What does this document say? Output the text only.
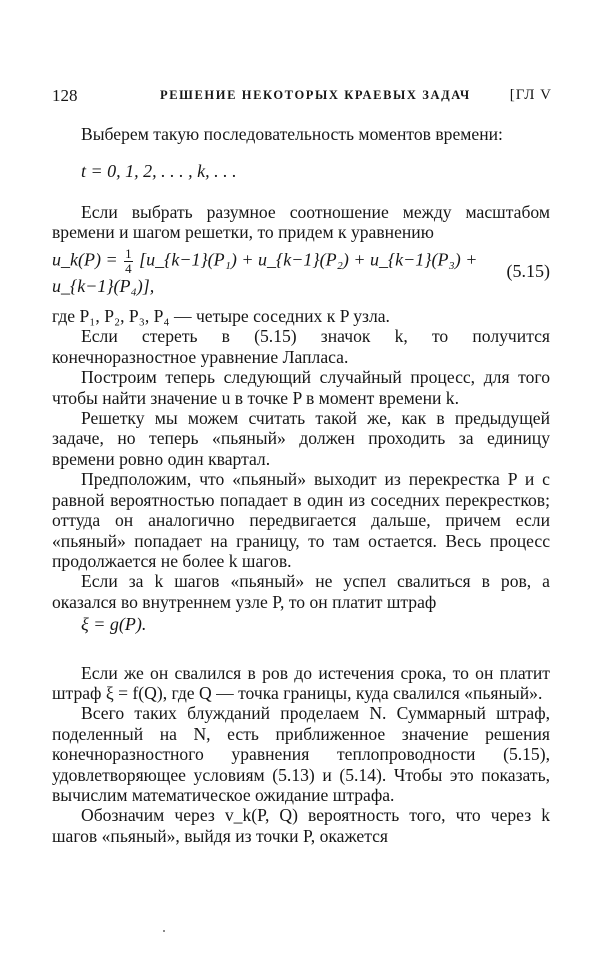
128	РЕШЕНИЕ НЕКОТОРЫХ КРАЕВЫХ ЗАДАЧ	[ГЛ V

Выберем такую последовательность моментов времени:

t = 0, 1, 2, . . . , k, . . .

Если выбрать разумное соотношение между масштабом времени и шагом решетки, то придем к уравнению

u_k(P) = $\frac{1}{4}$ [u_{k−1}(P₁) + u_{k−1}(P₂) + u_{k−1}(P₃) + u_{k−1}(P₄)],
(5.15)

где P₁, P₂, P₃, P₄ — четыре соседних к P узла.

Если стереть в (5.15) значок k, то получится конечноразностное уравнение Лапласа.

Построим теперь следующий случайный процесс, для того чтобы найти значение u в точке P в момент времени k.

Решетку мы можем считать такой же, как в предыдущей задаче, но теперь «пьяный» должен проходить за единицу времени ровно один квартал.

Предположим, что «пьяный» выходит из перекрестка P и с равной вероятностью попадает в один из соседних перекрестков; оттуда он аналогично передвигается дальше, причем если «пьяный» попадает на границу, то там остается. Весь процесс продолжается не более k шагов.

Если за k шагов «пьяный» не успел свалиться в ров, а оказался во внутреннем узле P, то он платит штраф

ξ = g(P).

Если же он свалился в ров до истечения срока, то он платит штраф ξ = f(Q), где Q — точка границы, куда свалился «пьяный».

Всего таких блужданий проделаем N. Суммарный штраф, поделенный на N, есть приближенное значение решения конечноразностного уравнения теплопроводности (5.15), удовлетворяющее условиям (5.13) и (5.14). Чтобы это показать, вычислим математическое ожидание штрафа.

Обозначим через v_k(P, Q) вероятность того, что через k шагов «пьяный», выйдя из точки P, окажется
